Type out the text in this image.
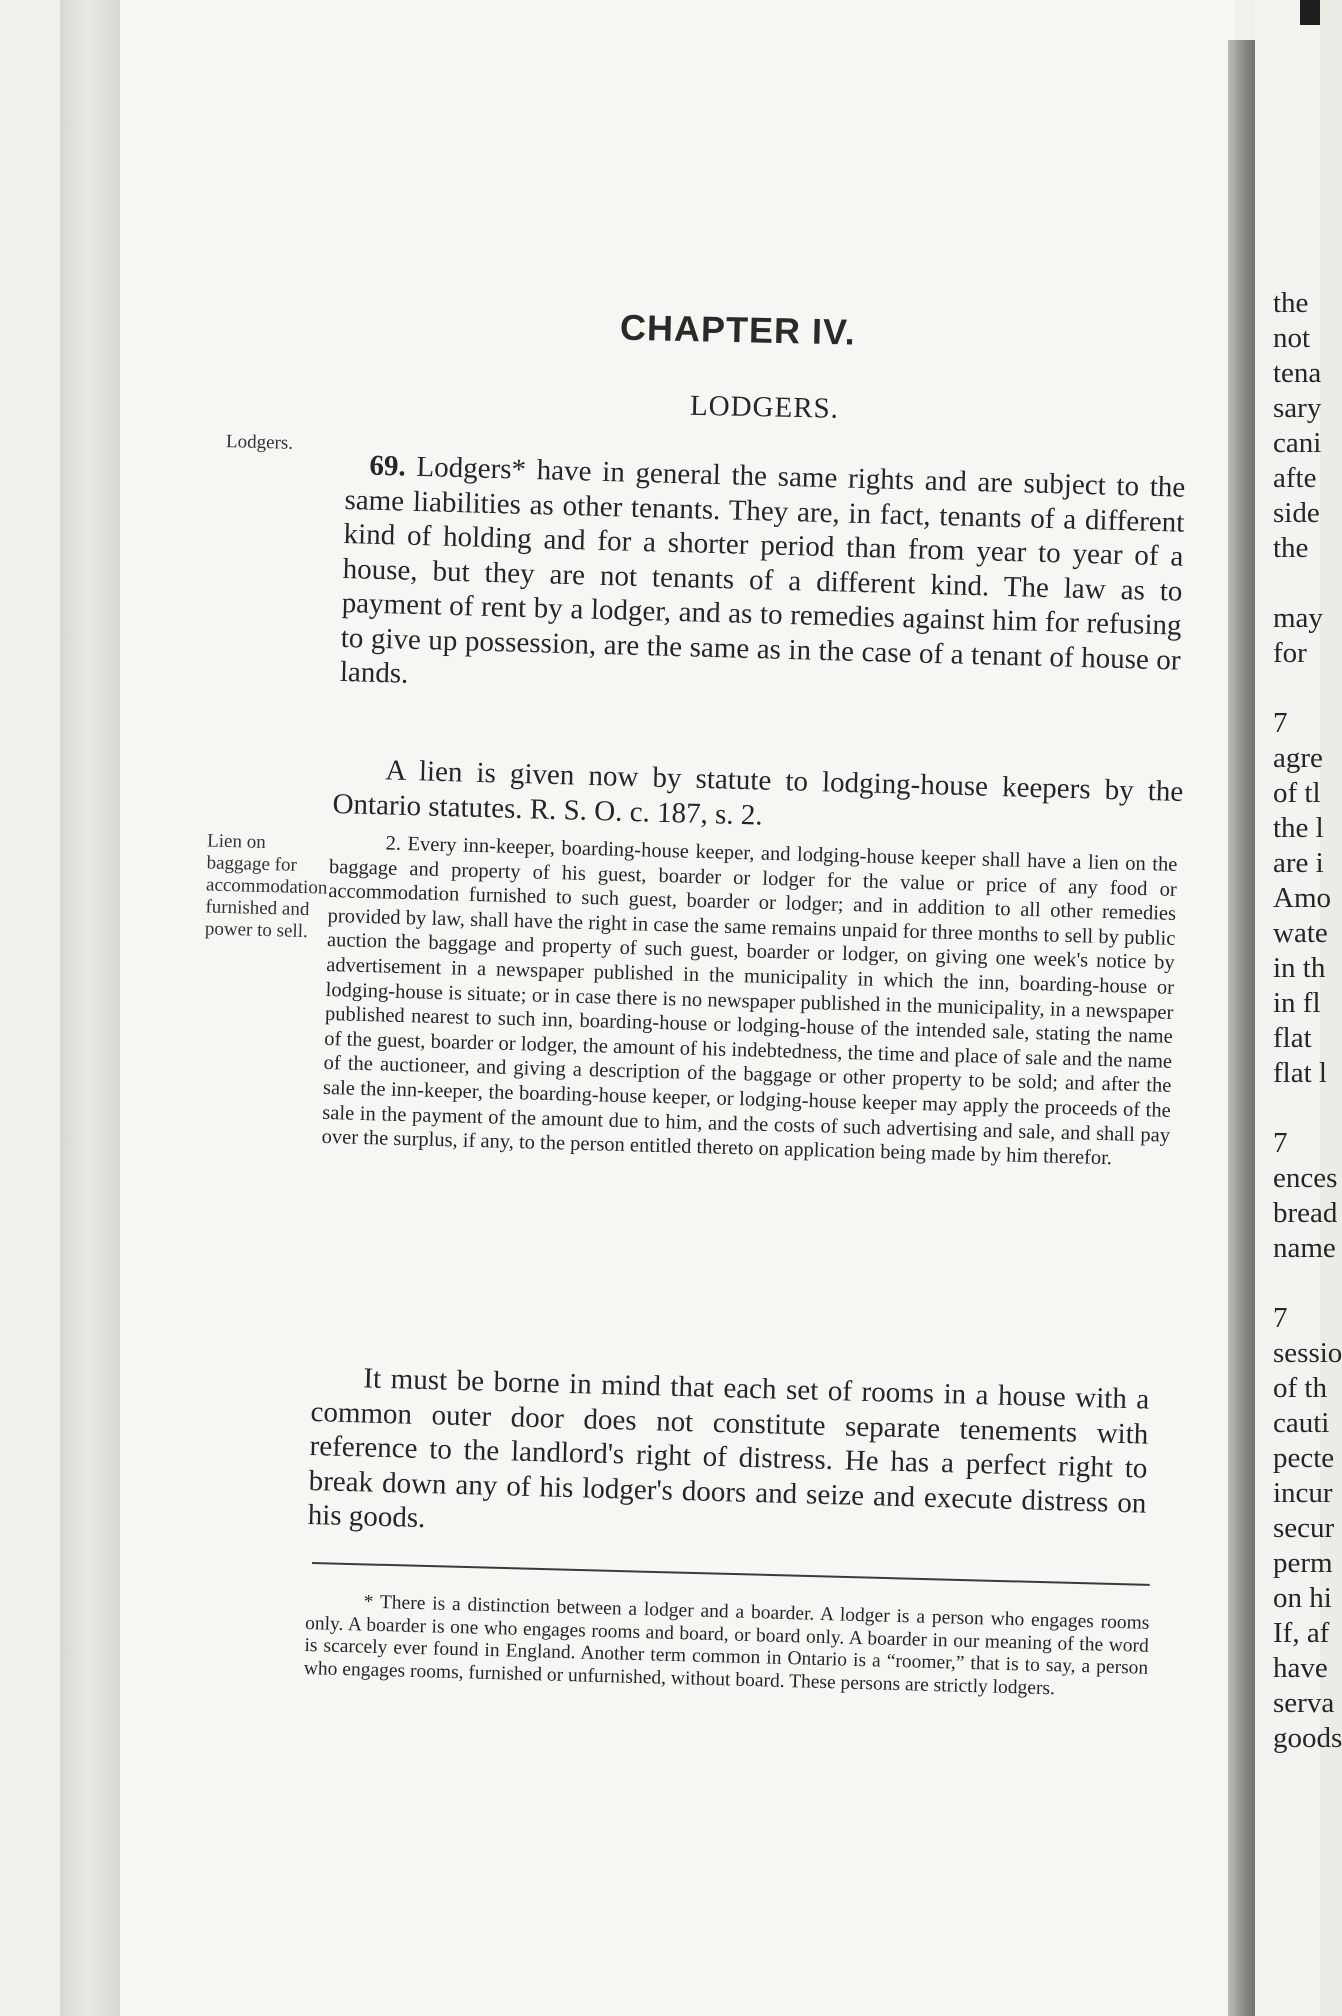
CHAPTER IV.
LODGERS.
Lodgers.
Lien on baggage for accommodation furnished and power to sell.
69. Lodgers* have in general the same rights and are subject to the same liabilities as other tenants. They are, in fact, tenants of a different kind of holding and for a shorter period than from year to year of a house, but they are not tenants of a different kind. The law as to payment of rent by a lodger, and as to remedies against him for refusing to give up possession, are the same as in the case of a tenant of house or lands.
A lien is given now by statute to lodging-house keepers by the Ontario statutes. R. S. O. c. 187, s. 2.
2. Every inn-keeper, boarding-house keeper, and lodging-house keeper shall have a lien on the baggage and property of his guest, boarder or lodger for the value or price of any food or accommodation furnished to such guest, boarder or lodger; and in addition to all other remedies provided by law, shall have the right in case the same remains unpaid for three months to sell by public auction the baggage and property of such guest, boarder or lodger, on giving one week's notice by advertisement in a newspaper published in the municipality in which the inn, boarding-house or lodging-house is situate; or in case there is no newspaper published in the municipality, in a newspaper published nearest to such inn, boarding-house or lodging-house of the intended sale, stating the name of the guest, boarder or lodger, the amount of his indebtedness, the time and place of sale and the name of the auctioneer, and giving a description of the baggage or other property to be sold; and after the sale the inn-keeper, the boarding-house keeper, or lodging-house keeper may apply the proceeds of the sale in the payment of the amount due to him, and the costs of such advertising and sale, and shall pay over the surplus, if any, to the person entitled thereto on application being made by him therefor.
It must be borne in mind that each set of rooms in a house with a common outer door does not constitute separate tenements with reference to the landlord's right of distress. He has a perfect right to break down any of his lodger's doors and seize and execute distress on his goods.
* There is a distinction between a lodger and a boarder. A lodger is a person who engages rooms only. A boarder is one who engages rooms and board, or board only. A boarder in our meaning of the word is scarcely ever found in England. Another term common in Ontario is a “roomer,” that is to say, a person who engages rooms, furnished or unfurnished, without board. These persons are strictly lodgers.
the
not
tena
sary
cani
afte
side
the
may
for
7
agre
of tl
the l
are i
Amo
wate
in th
in fl
flat
flat l
7
ences
bread
name
7
sessio
of th
cauti
pecte
incur
secur
perm
on hi
If, af
have
serva
goods
